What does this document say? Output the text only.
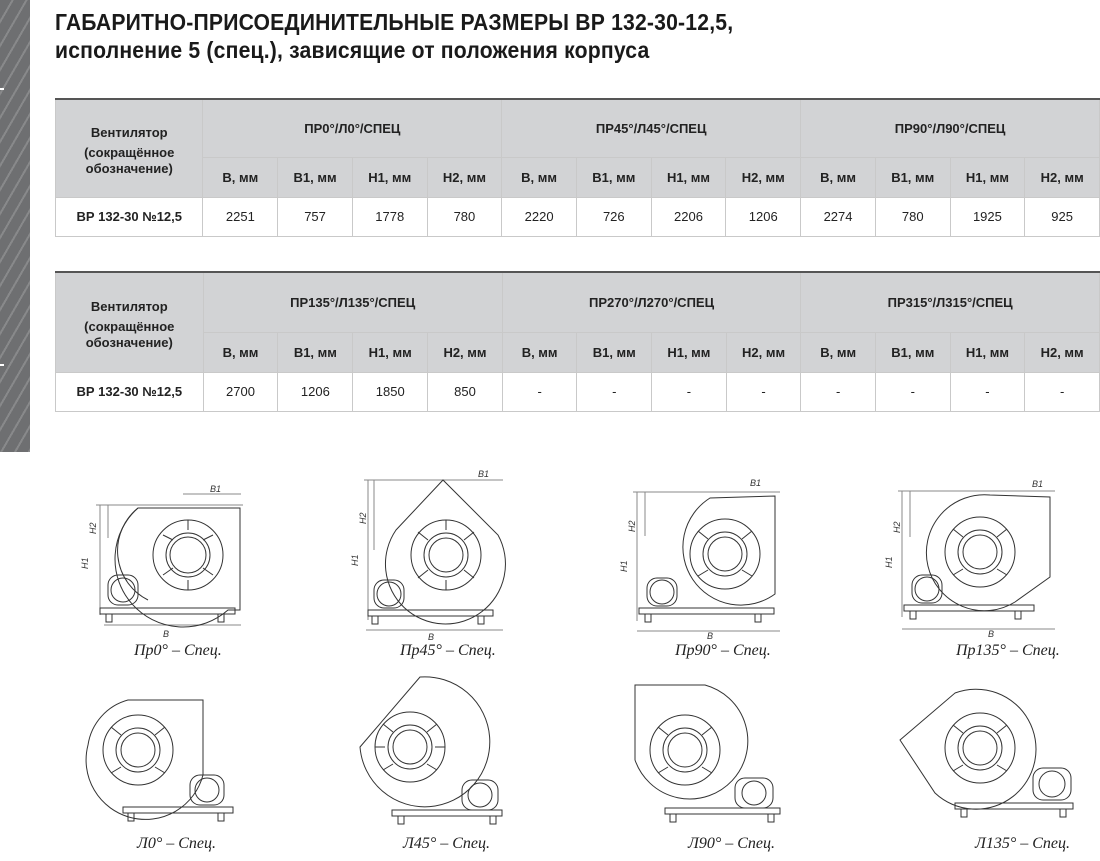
ГАБАРИТНО-ПРИСОЕДИНИТЕЛЬНЫЕ РАЗМЕРЫ ВР 132-30-12,5,
исполнение 5 (спец.), зависящие от положения корпуса
Вентилятор
(сокращённое
обозначение)	ПР0°/Л0°/СПЕЦ				ПР45°/Л45°/СПЕЦ				ПР90°/Л90°/СПЕЦ			
	B, мм	B1, мм	H1, мм	H2, мм	B, мм	B1, мм	H1, мм	H2, мм	B, мм	B1, мм	H1, мм	H2, мм
ВР 132-30 №12,5	2251	757	1778	780	2220	726	2206	1206	2274	780	1925	925
Вентилятор
(сокращённое
обозначение)	ПР135°/Л135°/СПЕЦ				ПР270°/Л270°/СПЕЦ				ПР315°/Л315°/СПЕЦ			
	B, мм	B1, мм	H1, мм	H2, мм	B, мм	B1, мм	H1, мм	H2, мм	B, мм	B1, мм	H1, мм	H2, мм
ВР 132-30 №12,5	2700	1206	1850	850	-	-	-	-	-	-	-	-
H1
H2
B
B1
Пр0° – Спец.
H1
H2
B
B1
Пр45° – Спец.
H1
H2
B
B1
Пр90° – Спец.
H1
H2
B
B1
Пр135° – Спец.
Л0° – Спец.	Л45° – Спец.	Л90° – Спец.	Л135° – Спец.
